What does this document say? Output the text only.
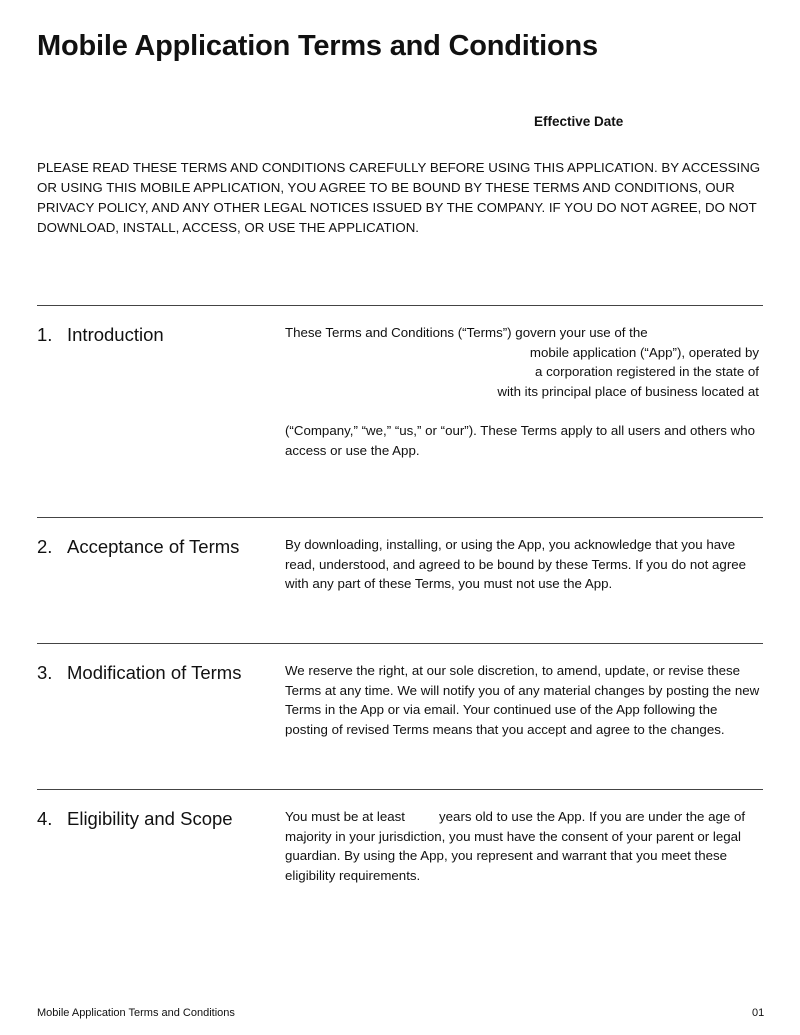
Mobile Application Terms and Conditions
Effective Date
PLEASE READ THESE TERMS AND CONDITIONS CAREFULLY BEFORE USING THIS APPLICATION. BY ACCESSING OR USING THIS MOBILE APPLICATION, YOU AGREE TO BE BOUND BY THESE TERMS AND CONDITIONS, OUR PRIVACY POLICY, AND ANY OTHER LEGAL NOTICES ISSUED BY THE COMPANY. IF YOU DO NOT AGREE, DO NOT DOWNLOAD, INSTALL, ACCESS, OR USE THE APPLICATION.
1. Introduction	These Terms and Conditions (“Terms”) govern your use of the
mobile application (“App”), operated by
a corporation registered in the state of
with its principal place of business located at
(“Company,” “we,” “us,” or “our”). These Terms apply to all users and others who access or use the App.
2. Acceptance of Terms	By downloading, installing, or using the App, you acknowledge that you have read, understood, and agreed to be bound by these Terms. If you do not agree with any part of these Terms, you must not use the App.
3. Modification of Terms	We reserve the right, at our sole discretion, to amend, update, or revise these Terms at any time. We will notify you of any material changes by posting the new Terms in the App or via email. Your continued use of the App following the posting of revised Terms means that you accept and agree to the changes.
4. Eligibility and Scope	You must be at least	years old to use the App. If you are under the age of majority in your jurisdiction, you must have the consent of your parent or legal guardian. By using the App, you represent and warrant that you meet these eligibility requirements.
Mobile Application Terms and Conditions	01
